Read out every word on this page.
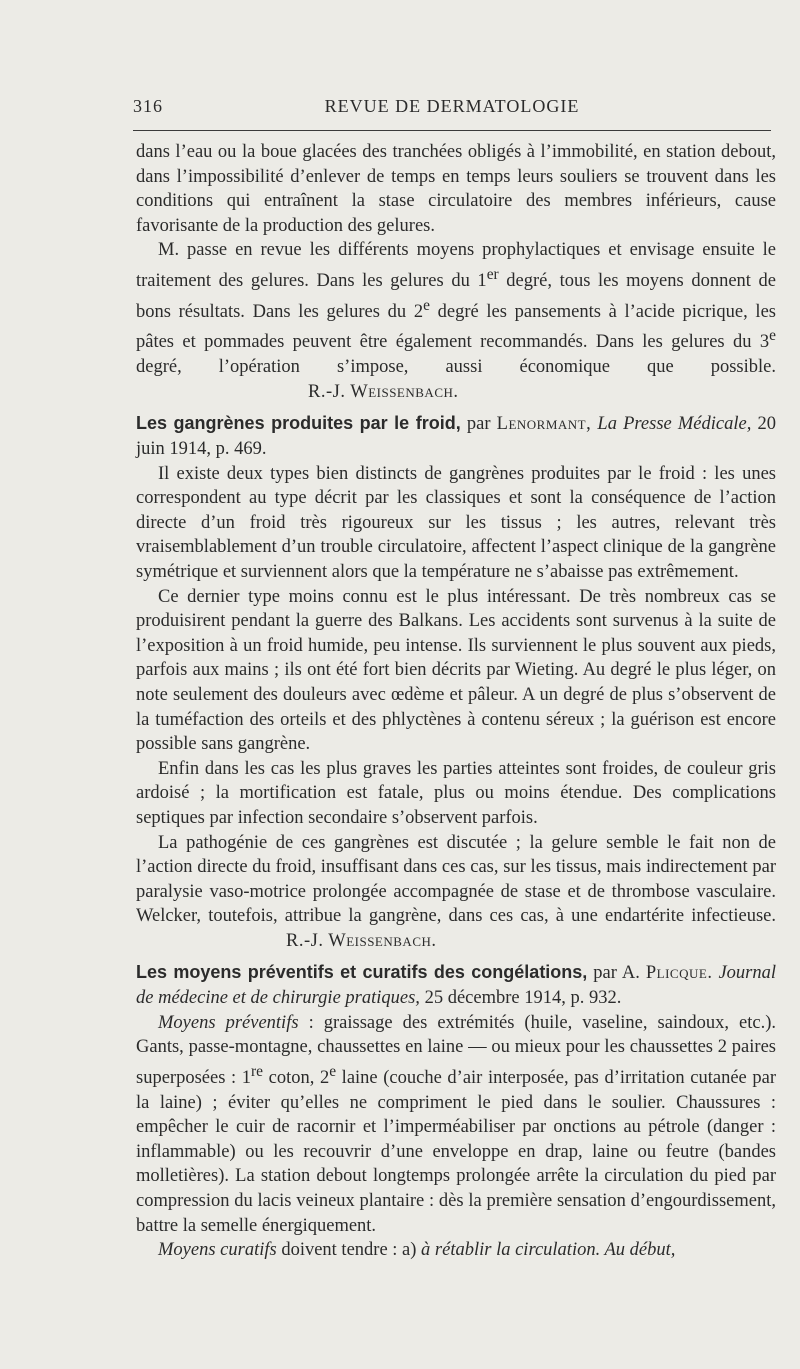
316	REVUE DE DERMATOLOGIE

dans l’eau ou la boue glacées des tranchées obligés à l’immobilité, en station debout, dans l’impossibilité d’enlever de temps en temps leurs souliers se trouvent dans les conditions qui entraînent la stase circulatoire des membres inférieurs, cause favorisante de la production des gelures.

M. passe en revue les différents moyens prophylactiques et envisage ensuite le traitement des gelures. Dans les gelures du 1er degré, tous les moyens donnent de bons résultats. Dans les gelures du 2e degré les pansements à l’acide picrique, les pâtes et pommades peuvent être également recommandés. Dans les gelures du 3e degré, l’opération s’impose, aussi économique que possible.R.-J. Weissenbach.

Les gangrènes produites par le froid, par Lenormant, La Presse Médicale, 20 juin 1914, p. 469.

Il existe deux types bien distincts de gangrènes produites par le froid : les unes correspondent au type décrit par les classiques et sont la conséquence de l’action directe d’un froid très rigoureux sur les tissus ; les autres, relevant très vraisemblablement d’un trouble circulatoire, affectent l’aspect clinique de la gangrène symétrique et surviennent alors que la température ne s’abaisse pas extrêmement.

Ce dernier type moins connu est le plus intéressant. De très nombreux cas se produisirent pendant la guerre des Balkans. Les accidents sont survenus à la suite de l’exposition à un froid humide, peu intense. Ils surviennent le plus souvent aux pieds, parfois aux mains ; ils ont été fort bien décrits par Wieting. Au degré le plus léger, on note seulement des douleurs avec œdème et pâleur. A un degré de plus s’observent de la tuméfaction des orteils et des phlyctènes à contenu séreux ; la guérison est encore possible sans gangrène.

Enfin dans les cas les plus graves les parties atteintes sont froides, de couleur gris ardoisé ; la mortification est fatale, plus ou moins étendue. Des complications septiques par infection secondaire s’observent parfois.

La pathogénie de ces gangrènes est discutée ; la gelure semble le fait non de l’action directe du froid, insuffisant dans ces cas, sur les tissus, mais indirectement par paralysie vaso-motrice prolongée accompagnée de stase et de thrombose vasculaire. Welcker, toutefois, attribue la gangrène, dans ces cas, à une endartérite infectieuse.R.-J. Weissenbach.

Les moyens préventifs et curatifs des congélations, par A. Plicque. Journal de médecine et de chirurgie pratiques, 25 décembre 1914, p. 932.

Moyens préventifs : graissage des extrémités (huile, vaseline, saindoux, etc.). Gants, passe-montagne, chaussettes en laine — ou mieux pour les chaussettes 2 paires superposées : 1re coton, 2e laine (couche d’air interposée, pas d’irritation cutanée par la laine) ; éviter qu’elles ne compriment le pied dans le soulier. Chaussures : empêcher le cuir de racornir et l’imperméabiliser par onctions au pétrole (danger : inflammable) ou les recouvrir d’une enveloppe en drap, laine ou feutre (bandes molletières). La station debout longtemps prolongée arrête la circulation du pied par compression du lacis veineux plantaire : dès la première sensation d’engourdissement, battre la semelle énergiquement.

Moyens curatifs doivent tendre : a) à rétablir la circulation. Au début,
